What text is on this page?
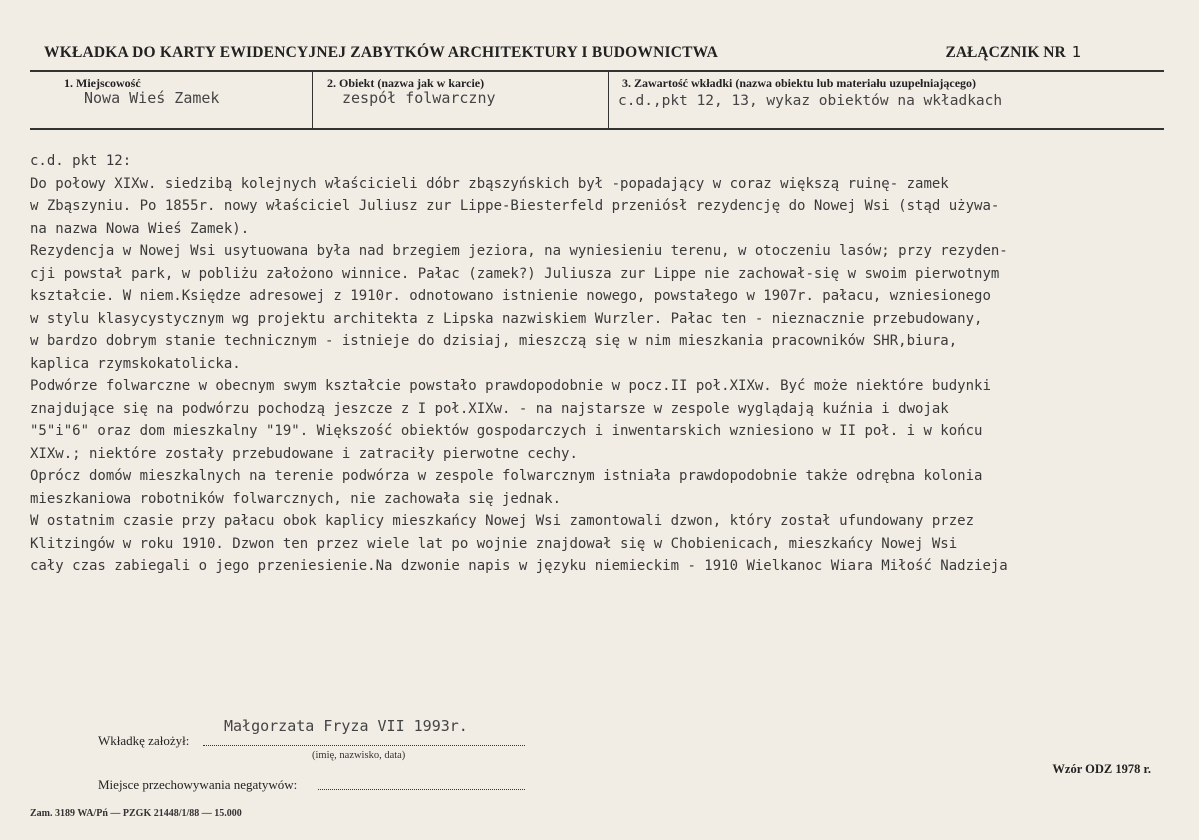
WKŁADKA DO KARTY EWIDENCYJNEJ ZABYTKÓW ARCHITEKTURY I BUDOWNICTWA	ZAŁĄCZNIK NR 1
1. Miejscowość
Nowa Wieś Zamek
2. Obiekt (nazwa jak w karcie)
zespół folwarczny
3. Zawartość wkładki (nazwa obiektu lub materiału uzupełniającego)
c.d.,pkt 12, 13, wykaz obiektów na wkładkach

c.d. pkt 12:

Do połowy XIXw. siedzibą kolejnych właścicieli dóbr zbąszyńskich był -popadający w coraz większą ruinę- zamek

w Zbąszyniu. Po 1855r. nowy właściciel Juliusz zur Lippe-Biesterfeld przeniósł rezydencję do Nowej Wsi (stąd używa-

na nazwa Nowa Wieś Zamek).

Rezydencja w Nowej Wsi usytuowana była nad brzegiem jeziora, na wyniesieniu terenu, w otoczeniu lasów; przy rezyden-

cji powstał park, w pobliżu założono winnice. Pałac (zamek?) Juliusza zur Lippe nie zachował-się w swoim pierwotnym

kształcie. W niem.Księdze adresowej z 1910r. odnotowano istnienie nowego, powstałego w 1907r. pałacu, wzniesionego

w stylu klasycystycznym wg projektu architekta z Lipska nazwiskiem Wurzler. Pałac ten - nieznacznie przebudowany,

w bardzo dobrym stanie technicznym - istnieje do dzisiaj, mieszczą się w nim mieszkania pracowników SHR,biura,

kaplica rzymskokatolicka.

Podwórze folwarczne w obecnym swym kształcie powstało prawdopodobnie w pocz.II poł.XIXw. Być może niektóre budynki

znajdujące się na podwórzu pochodzą jeszcze z I poł.XIXw. - na najstarsze w zespole wyglądają kuźnia i dwojak

"5"i"6" oraz dom mieszkalny "19". Większość obiektów gospodarczych i inwentarskich wzniesiono w II poł. i w końcu

XIXw.; niektóre zostały przebudowane i zatraciły pierwotne cechy.

Oprócz domów mieszkalnych na terenie podwórza w zespole folwarcznym istniała prawdopodobnie także odrębna kolonia

mieszkaniowa robotników folwarcznych, nie zachowała się jednak.

W ostatnim czasie przy pałacu obok kaplicy mieszkańcy Nowej Wsi zamontowali dzwon, który został ufundowany przez

Klitzingów w roku 1910. Dzwon ten przez wiele lat po wojnie znajdował się w Chobienicach, mieszkańcy Nowej Wsi

cały czas zabiegali o jego przeniesienie.Na dzwonie napis w języku niemieckim - 1910 Wielkanoc Wiara Miłość Nadzieja

Wkładkę założył:
Małgorzata Fryza VII 1993r.
(imię, nazwisko, data)
Miejsce przechowywania negatywów:
Wzór ODZ 1978 r.
Zam. 3189 WA/Pń — PZGK 21448/1/88 — 15.000
